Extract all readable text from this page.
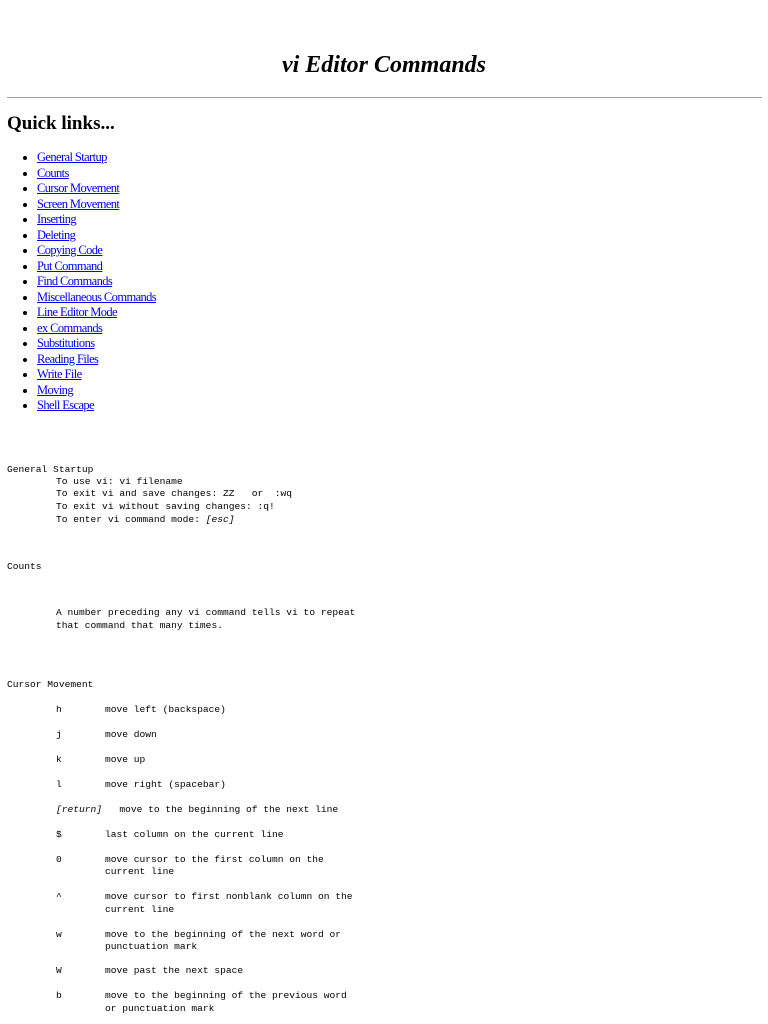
vi Editor Commands
Quick links...
• General Startup
• Counts
• Cursor Movement
• Screen Movement
• Inserting
• Deleting
• Copying Code
• Put Command
• Find Commands
• Miscellaneous Commands
• Line Editor Mode
• ex Commands
• Substitutions
• Reading Files
• Write File
• Moving
• Shell Escape
General Startup
To use vi: vi filename
To exit vi and save changes: ZZ   or  :wq
To exit vi without saving changes: :q!
To enter vi command mode: [esc]
Counts
A number preceding any vi command tells vi to repeat
that command that many times.
Cursor Movement
h	move left (backspace)
j	move down
k	move up
l	move right (spacebar)
[return] move to the beginning of the next line
$	last column on the current line
0	move cursor to the first column on the
current line
^	move cursor to first nonblank column on the
current line
w	move to the beginning of the next word or
punctuation mark
W	move past the next space
b	move to the beginning of the previous word
or punctuation mark
